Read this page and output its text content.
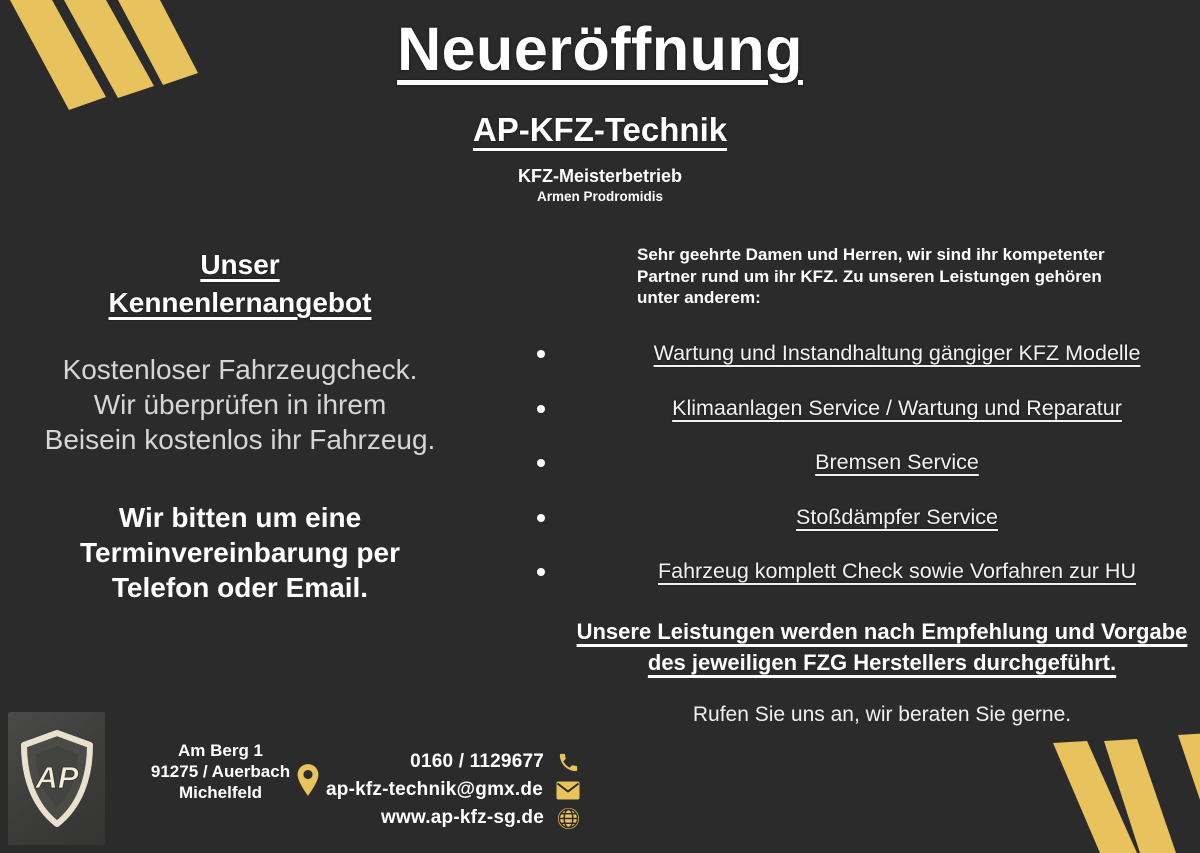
Neueröffnung
AP-KFZ-Technik
KFZ-Meisterbetrieb
Armen Prodromidis
Unser
Kennenlernangebot

Kostenloser Fahrzeugcheck.
Wir überprüfen in ihrem
Beisein kostenlos ihr Fahrzeug.

Wir bitten um eine
Terminvereinbarung per
Telefon oder Email.

Sehr geehrte Damen und Herren, wir sind ihr kompetenter
Partner rund um ihr KFZ. Zu unseren Leistungen gehören
unter anderem:

Wartung und Instandhaltung gängiger KFZ Modelle
Klimaanlagen Service / Wartung und Reparatur
Bremsen Service
Stoßdämpfer Service
Fahrzeug komplett Check sowie Vorfahren zur HU

Unsere Leistungen werden nach Empfehlung und Vorgabe
des jeweiligen FZG Herstellers durchgeführt.

Rufen Sie uns an, wir beraten Sie gerne.

AP
Am Berg 1
91275 / Auerbach
Michelfeld
0160 / 1129677
ap-kfz-technik@gmx.de
www.ap-kfz-sg.de
